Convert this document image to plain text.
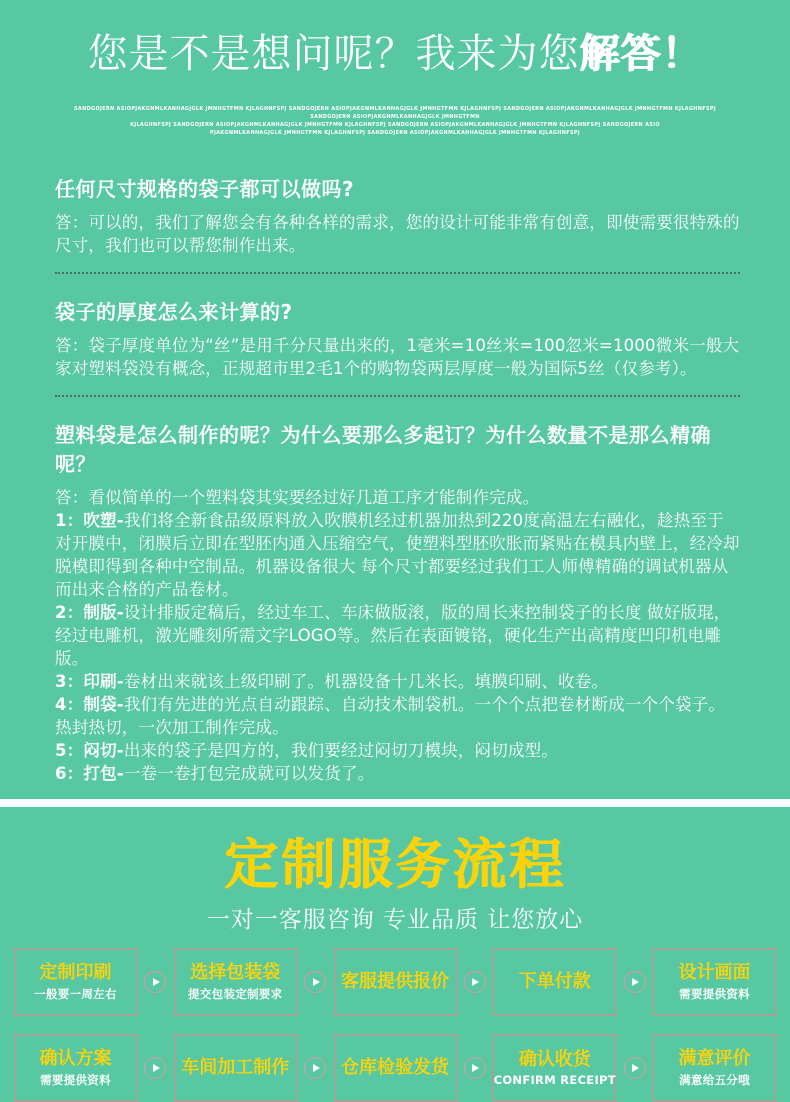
您是不是想问呢？我来为您解答！
SANDGOJERN ASIOPJAKGNMLKANHAGJGLK JMNHGTFMN KJLAGHNFSPJ SANDGOJERN ASIOPJAKGNMLKANHAGJGLK JMNHGTFMN KJLAGHNFSPJ SANDGOJERN ASIOPJAKGNMLKANHAGJGLK JMNHGTFMN KJLAGHNFSPJ SANDGOJERN ASIOPJAKGNMLKANHAGJGLK JMNHGTFMN
KJLAGHNFSPJ SANDGOJERN ASIOPJAKGNMLKANHAGJGLK JMNHGTFMN KJLAGHNFSPJ SANDGOJERN ASIOPJAKGNMLKANHAGJGLK JMNHGTFMN KJLAGHNFSPJ SANDGOJERN ASIO
PJAKGNMLKANHAGJGLK JMNHGTFMN KJLAGHNFSPJ SANDGOJERN ASIOPJAKGNMLKANHAGJGLK JMNHGTFMN KJLAGHNFSPJ
任何尺寸规格的袋子都可以做吗?

答：可以的，我们了解您会有各种各样的需求，您的设计可能非常有创意，即使需要很特殊的尺寸，我们也可以帮您制作出来。

袋子的厚度怎么来计算的?

答：袋子厚度单位为“丝”是用千分尺量出来的，1毫米=10丝米=100忽米=1000微米一般大家对塑料袋没有概念，正规超市里2毛1个的购物袋两层厚度一般为国际5丝（仅参考）。

塑料袋是怎么制作的呢？为什么要那么多起订？为什么数量不是那么精确呢？

答：看似简单的一个塑料袋其实要经过好几道工序才能制作完成。

1：吹塑-我们将全新食品级原料放入吹膜机经过机器加热到220度高温左右融化，趁热至于对开膜中，闭膜后立即在型胚内通入压缩空气，使塑料型胚吹胀而紧贴在模具内壁上，经冷却脱模即得到各种中空制品。机器设备很大 每个尺寸都要经过我们工人师傅精确的调试机器从而出来合格的产品卷材。

2：制版-设计排版定稿后，经过车工、车床做版滚，版的周长来控制袋子的长度 做好版琨，经过电雕机，激光雕刻所需文字LOGO等。然后在表面镀铬，硬化生产出高精度凹印机电雕版。

3：印刷-卷材出来就该上级印刷了。机器设备十几米长。填膜印刷、收卷。

4：制袋-我们有先进的光点自动跟踪、自动技术制袋机。一个个点把卷材断成一个个袋子。热封热切，一次加工制作完成。

5：闷切-出来的袋子是四方的，我们要经过闷切刀模块，闷切成型。

6：打包-一卷一卷打包完成就可以发货了。

定制服务流程
一对一客服咨询 专业品质 让您放心
定制印刷
一般要一周左右
选择包装袋
提交包装定制要求
客服提供报价	下单付款	设计画面
需要提供资料
确认方案
需要提供资料
车间加工制作	仓库检验发货	确认收货
CONFIRM RECEIPT
满意评价
满意给五分哦
